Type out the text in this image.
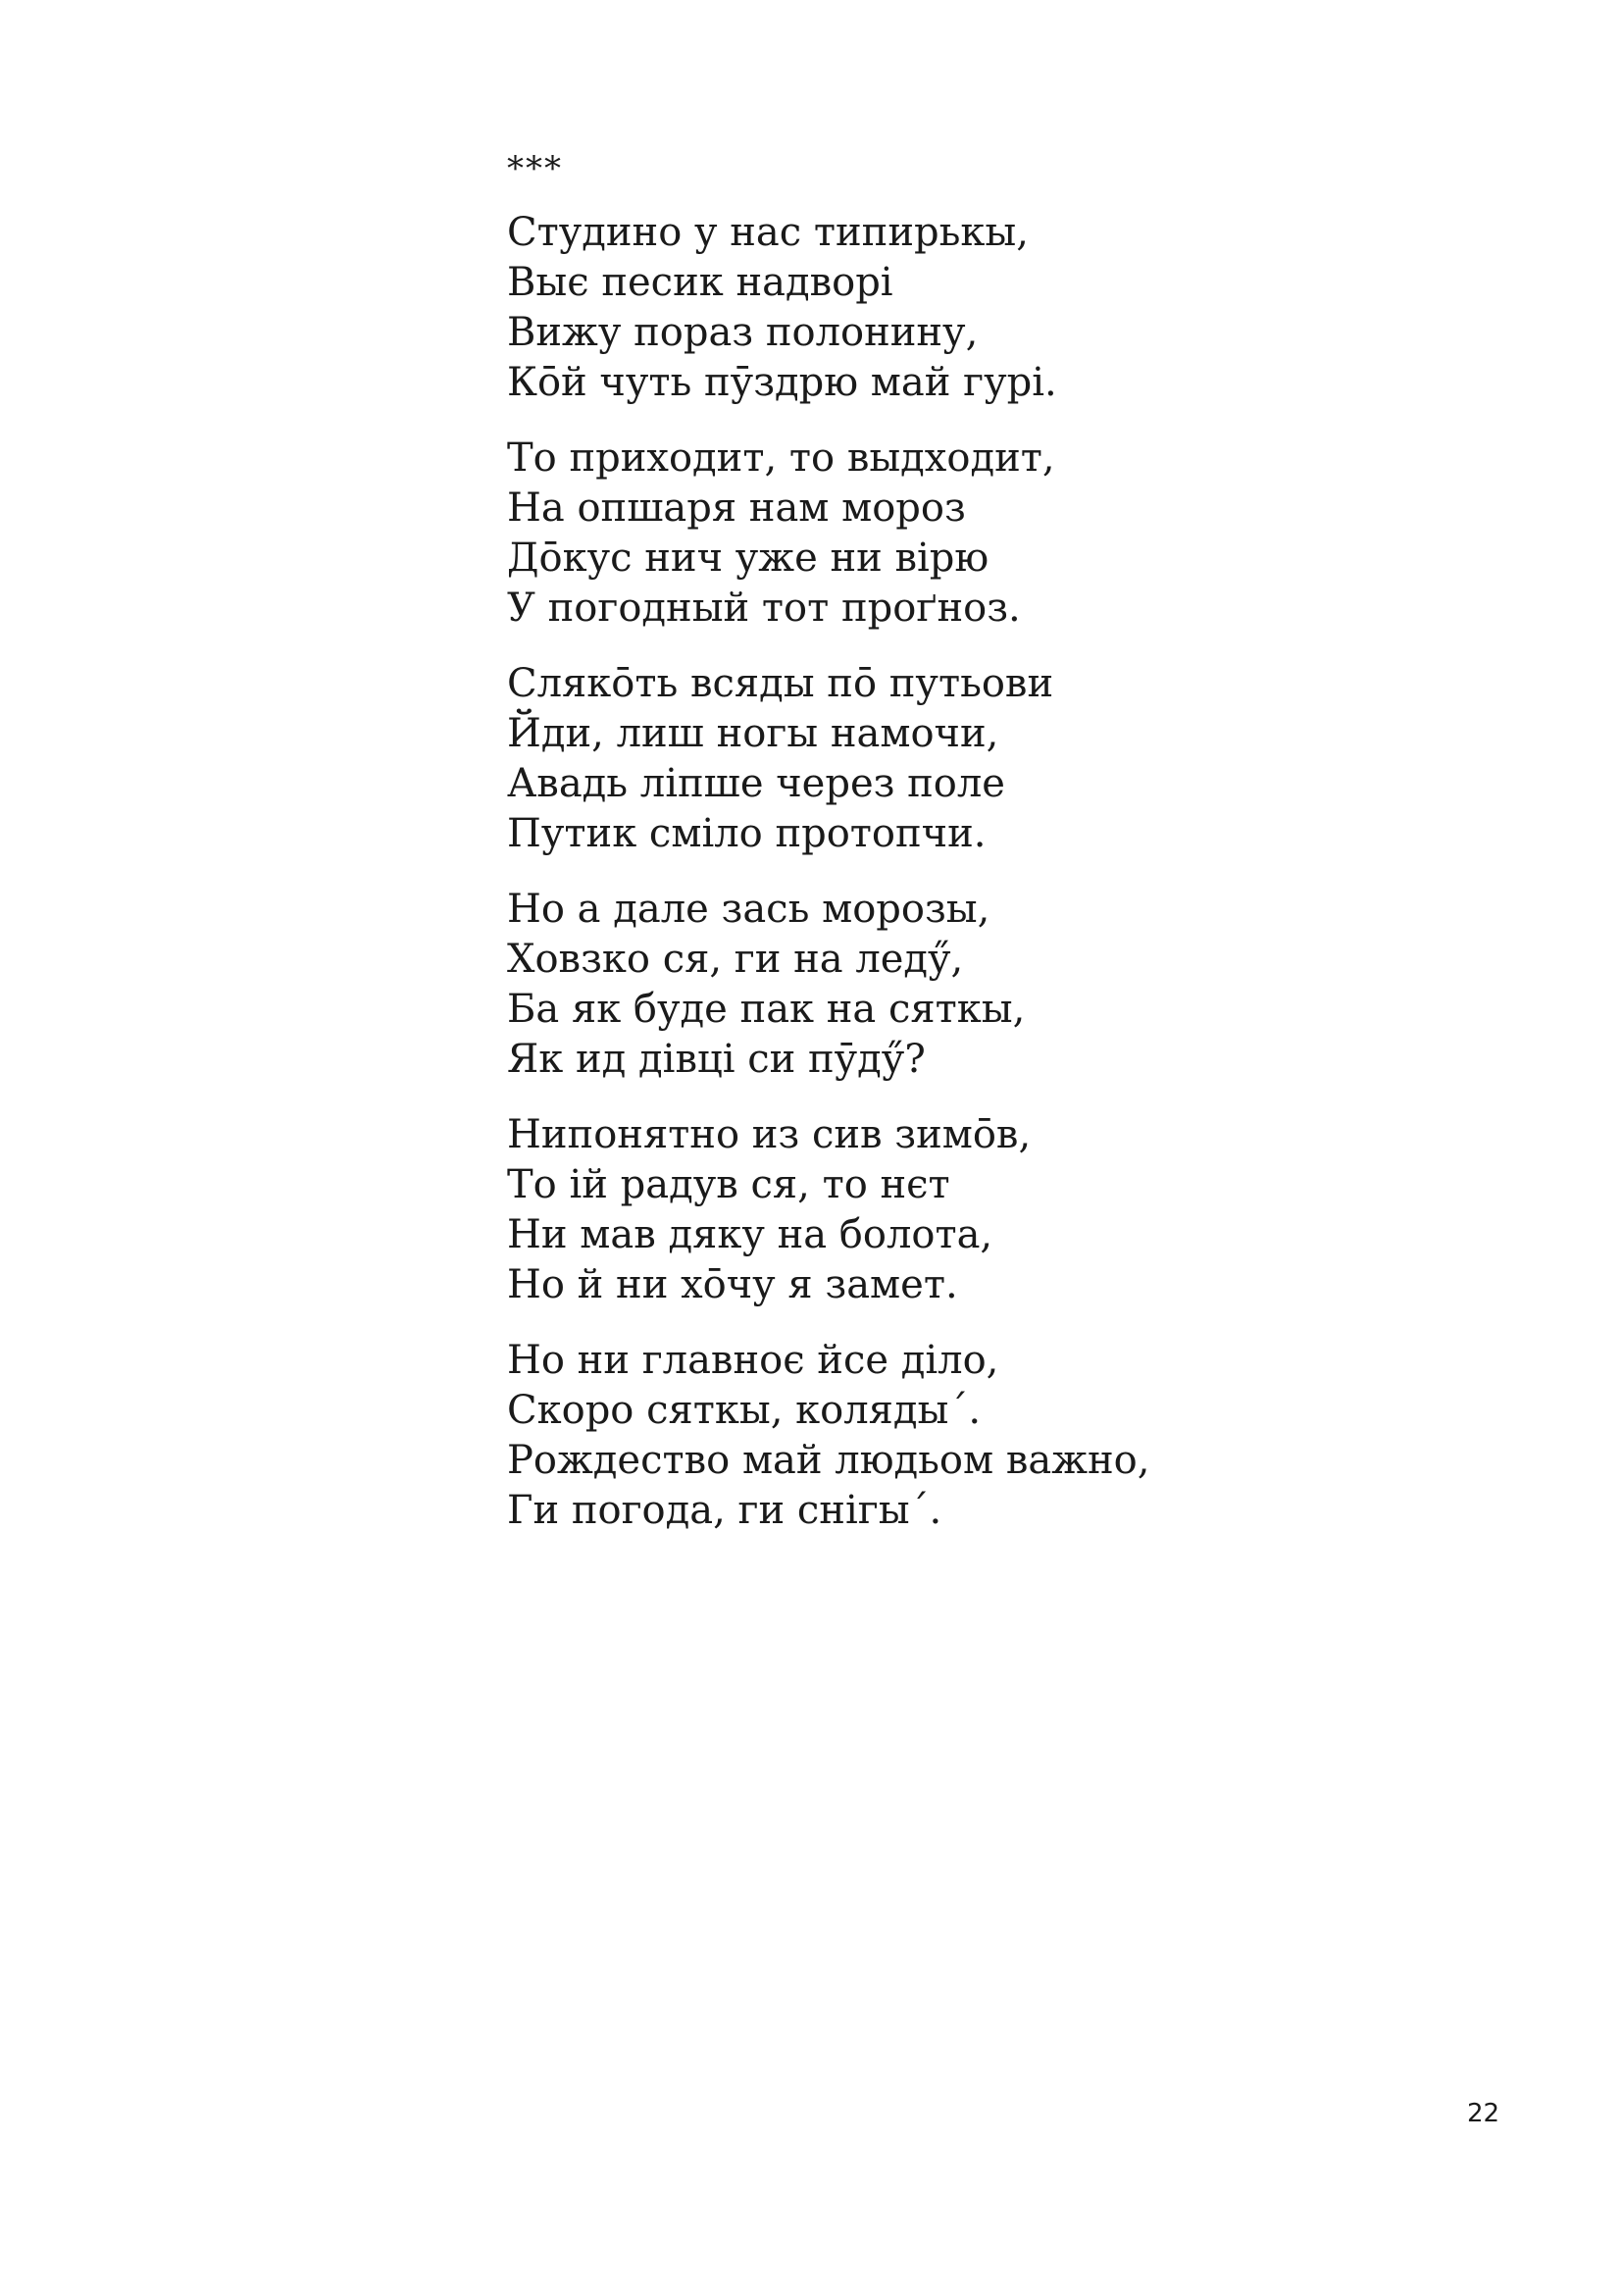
***
Студино у нас типирькы,
Выє песик надворі
Вижу пораз полонину,
Кōй чуть пӯздрю май гурі.
То приходит, то выдходит,
На опшаря нам мороз
Дōкус нич уже ни вірю
У погодный тот проґноз.
Слякōть всяды пō путьови
Йди, лиш ногы намочи,
Авадь ліпше через поле
Путик сміло протопчи.
Но а дале зась морозы,
Ховзко ся, ги на ледӳ,
Ба як буде пак на сяткы,
Як ид дівці си пӯдӳ?
Нипонятно из сив зимōв,
То ій радув ся, то нєт
Ни мав дяку на болота,
Но й ни хōчу я замет.
Но ни главноє йсе діло,
Скоро сяткы, колядыˊ.
Рождество май людьом важно,
Ги погода, ги снігыˊ.
22
